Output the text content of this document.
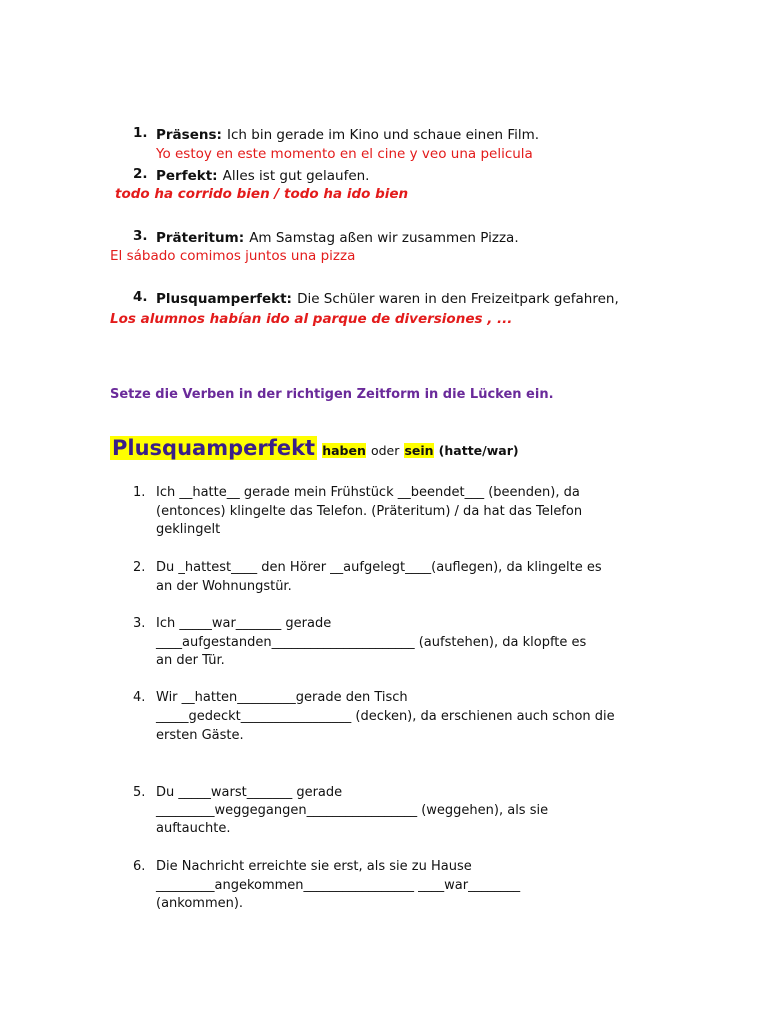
1. Präsens: Ich bin gerade im Kino und schaue einen Film.
Yo estoy en este momento en el cine y veo una pelicula
2. Perfekt: Alles ist gut gelaufen.
todo ha corrido bien / todo ha ido bien
3. Präteritum: Am Samstag aßen wir zusammen Pizza.
El sábado comimos juntos una pizza
4. Plusquamperfekt: Die Schüler waren in den Freizeitpark gefahren,
Los alumnos habían ido al parque de diversiones , ...
Setze die Verben in der richtigen Zeitform in die Lücken ein.
Plusquamperfekt haben oder sein (hatte/war)
1. Ich __hatte__ gerade mein Frühstück __beendet___ (beenden), da
(entonces) klingelte das Telefon. (Präteritum) / da hat das Telefon
geklingelt
2. Du _hattest____ den Hörer __aufgelegt____(auflegen), da klingelte es
an der Wohnungstür.
3. Ich _____war_______ gerade
____aufgestanden______________________ (aufstehen), da klopfte es
an der Tür.
4. Wir __hatten_________gerade den Tisch
_____gedeckt_________________ (decken), da erschienen auch schon die
ersten Gäste.
5. Du _____warst_______ gerade
_________weggegangen_________________ (weggehen), als sie
auftauchte.
6. Die Nachricht erreichte sie erst, als sie zu Hause
_________angekommen_________________ ____war________
(ankommen).
